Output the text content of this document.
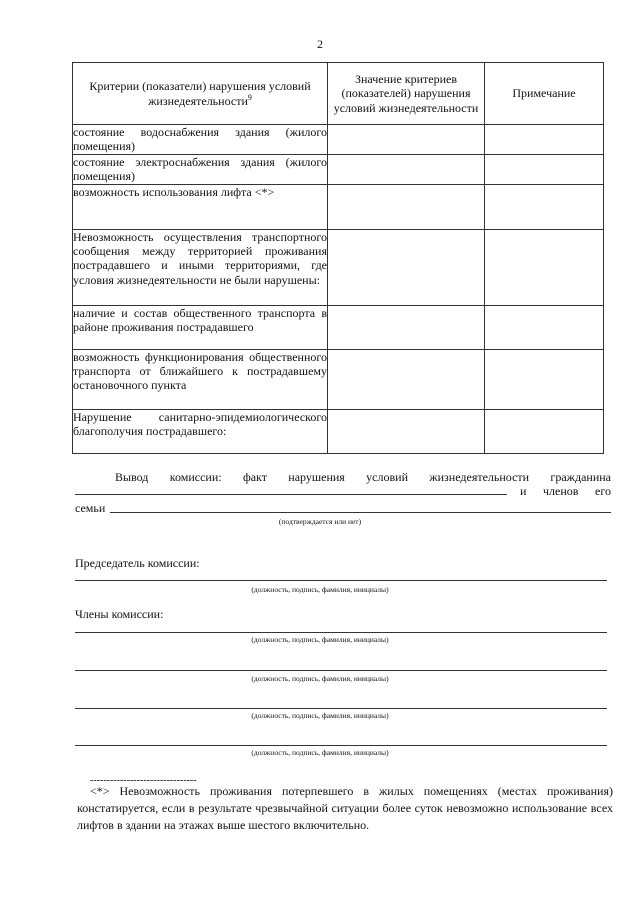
2
Критерии (показатели) нарушения условий жизнедеятельности$^9$	Значение критериев (показателей) нарушения условий жизнедеятельности	Примечание

состояние водоснабжения здания (жилого помещения)		

состояние электроснабжения здания (жилого помещения)		

возможность использования лифта <*>		

Невозможность осуществления транспортного сообщения между территорией проживания пострадавшего и иными территориями, где условия жизнедеятельности не были нарушены:		

наличие и состав общественного транспорта в районе проживания пострадавшего		

возможность функционирования общественного транспорта от ближайшего к пострадавшему остановочного пункта		

Нарушение санитарно-эпидемиологического благополучия пострадавшего:		

Вывод комиссии: факт нарушения условий жизнедеятельности гражданина
и членов его
семьи
(подтверждается или нет)
Председатель комиссии:
(должность, подпись, фамилия, инициалы)
Члены комиссии:
(должность, подпись, фамилия, инициалы)
(должность, подпись, фамилия, инициалы)
(должность, подпись, фамилия, инициалы)
(должность, подпись, фамилия, инициалы)
--------------------------------
<*> Невозможность проживания потерпевшего в жилых помещениях (местах проживания) констатируется, если в результате чрезвычайной ситуации более суток невозможно использование всех лифтов в здании на этажах выше шестого включительно.
